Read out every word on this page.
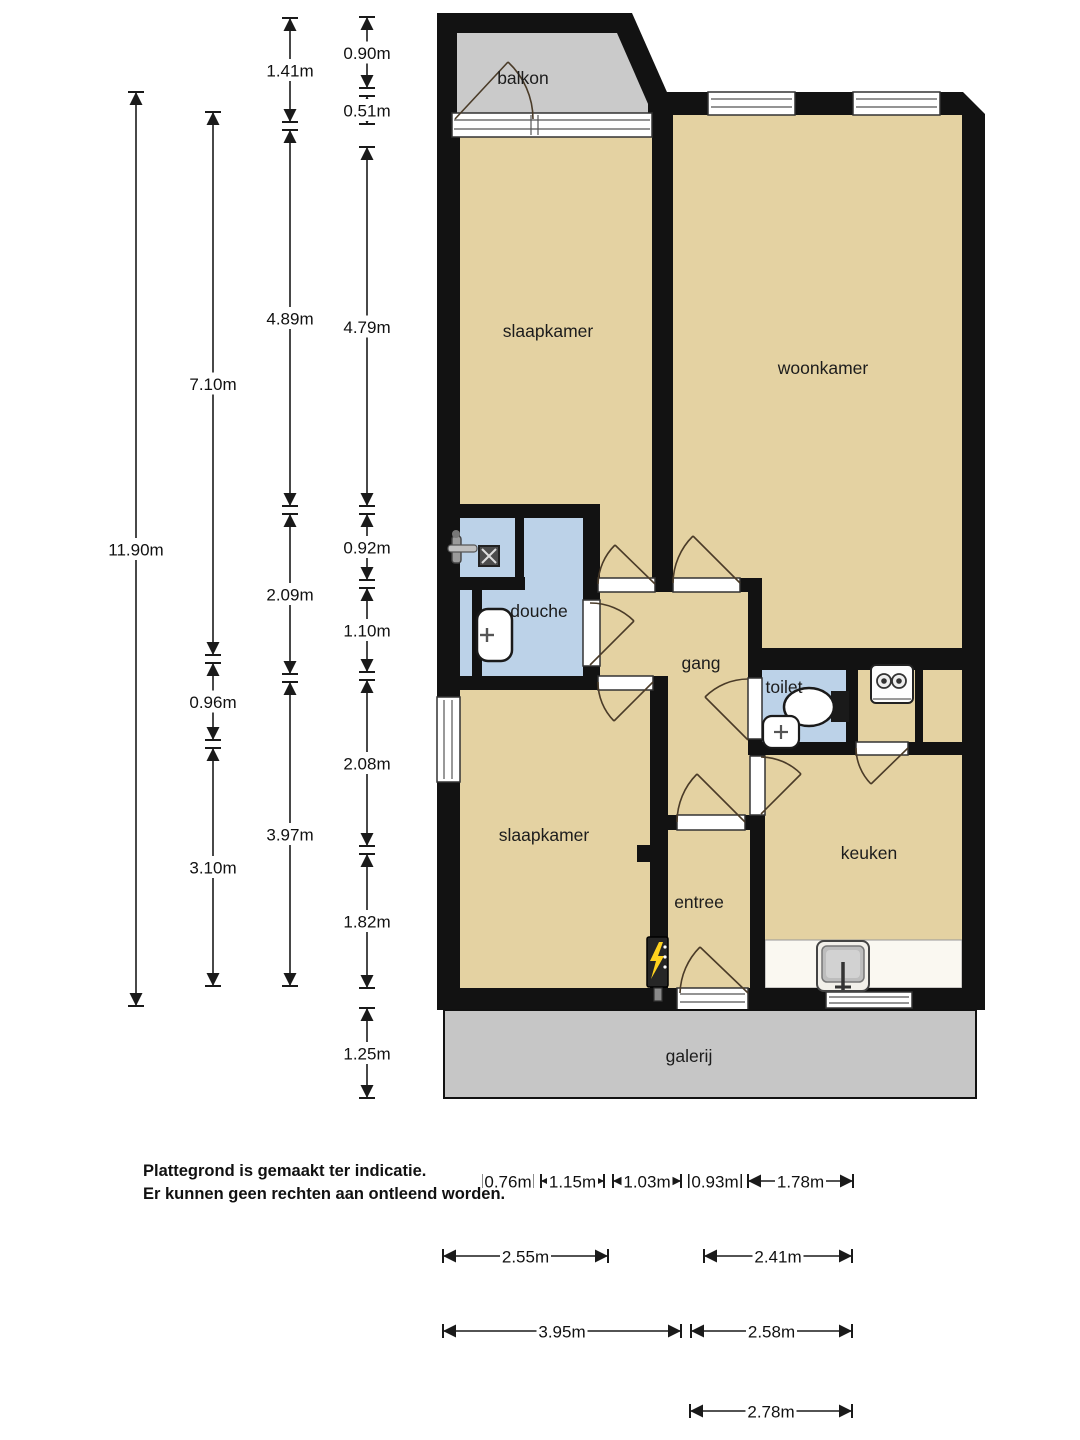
balkon
slaapkamer
woonkamer
douche
gang
toilet
keuken
slaapkamer
entree
galerij
11.90m
7.10m
0.96m
3.10m
1.41m
4.89m
2.09m
3.97m
0.90m
0.51m
4.79m
0.92m
1.10m
2.08m
1.82m
1.25m
0.76m 1.15m 1.03m 0.93m 1.78m
2.55m	2.41m
3.95m	2.58m
2.78m
Plattegrond is gemaakt ter indicatie.
Er kunnen geen rechten aan ontleend worden.
